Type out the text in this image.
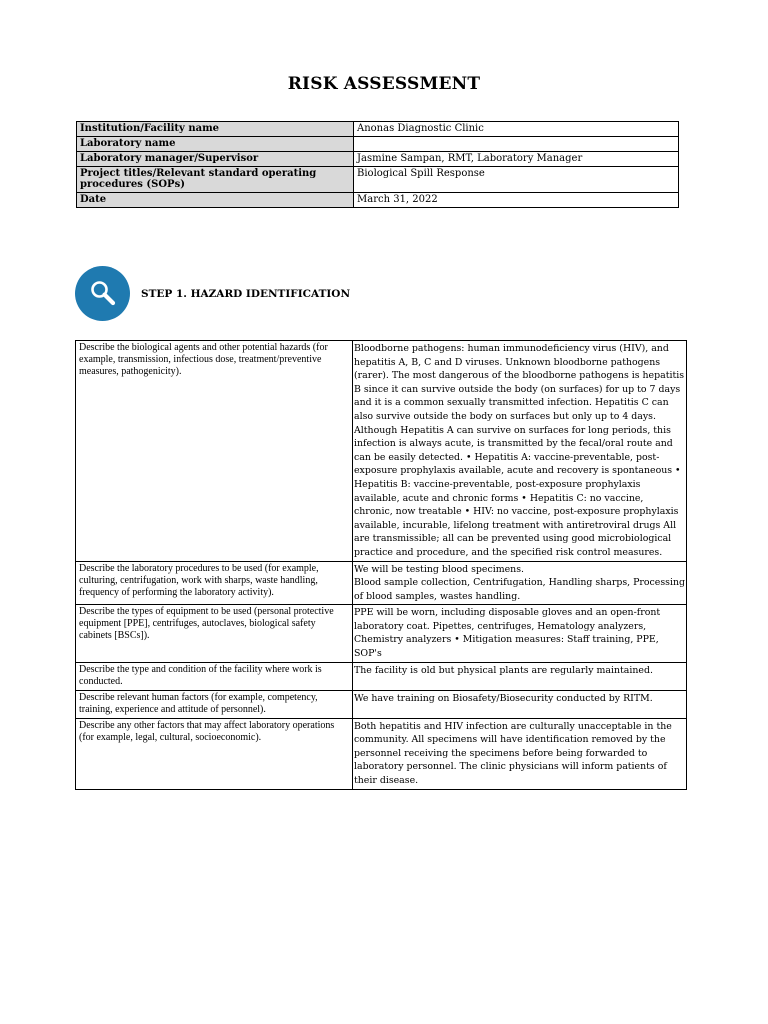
RISK ASSESSMENT
Institution/Facility name	Anonas Diagnostic Clinic
Laboratory name	
Laboratory manager/Supervisor	Jasmine Sampan, RMT, Laboratory Manager
Project titles/Relevant standard operating procedures (SOPs)	Biological Spill Response
Date	March 31, 2022
STEP 1. HAZARD IDENTIFICATION
Describe the biological agents and other potential hazards (for example, transmission, infectious dose, treatment/preventive measures, pathogenicity).	Bloodborne pathogens: human immunodeficiency virus (HIV), and hepatitis A, B, C and D viruses. Unknown bloodborne pathogens (rarer). The most dangerous of the bloodborne pathogens is hepatitis B since it can survive outside the body (on surfaces) for up to 7 days and it is a common sexually transmitted infection. Hepatitis C can also survive outside the body on surfaces but only up to 4 days. Although Hepatitis A can survive on surfaces for long periods, this infection is always acute, is transmitted by the fecal/oral route and can be easily detected. • Hepatitis A: vaccine-preventable, post-exposure prophylaxis available, acute and recovery is spontaneous • Hepatitis B: vaccine-preventable, post-exposure prophylaxis available, acute and chronic forms • Hepatitis C: no vaccine, chronic, now treatable • HIV: no vaccine, post-exposure prophylaxis available, incurable, lifelong treatment with antiretroviral drugs All are transmissible; all can be prevented using good microbiological practice and procedure, and the specified risk control measures.
Describe the laboratory procedures to be used (for example, culturing, centrifugation, work with sharps, waste handling, frequency of performing the laboratory activity).	We will be testing blood specimens.
Blood sample collection, Centrifugation, Handling sharps, Processing of blood samples, wastes handling.
Describe the types of equipment to be used (personal protective equipment [PPE], centrifuges, autoclaves, biological safety cabinets [BSCs]).	PPE will be worn, including disposable gloves and an open-front laboratory coat. Pipettes, centrifuges, Hematology analyzers, Chemistry analyzers • Mitigation measures: Staff training, PPE, SOP's
Describe the type and condition of the facility where work is conducted.	The facility is old but physical plants are regularly maintained.
Describe relevant human factors (for example, competency, training, experience and attitude of personnel).	We have training on Biosafety/Biosecurity conducted by RITM.
Describe any other factors that may affect laboratory operations (for example, legal, cultural, socioeconomic).	Both hepatitis and HIV infection are culturally unacceptable in the community. All specimens will have identification removed by the personnel receiving the specimens before being forwarded to laboratory personnel. The clinic physicians will inform patients of their disease.
